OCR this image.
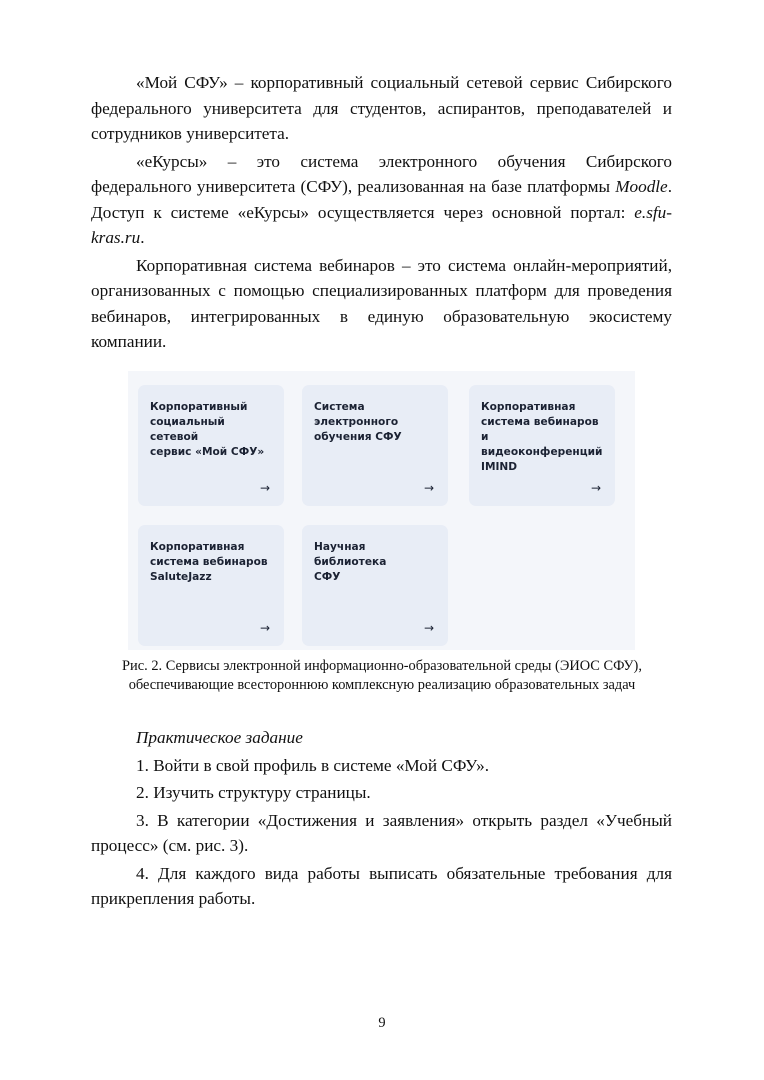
«Мой СФУ» – корпоративный социальный сетевой сервис Сибирского федерального университета для студентов, аспирантов, преподавателей и сотрудников университета.

«еКурсы» – это система электронного обучения Сибирского федерального университета (СФУ), реализованная на базе платформы Moodle. Доступ к системе «еКурсы» осуществляется через основной портал: e.sfu-kras.ru.

Корпоративная система вебинаров – это система онлайн-мероприятий, организованных с помощью специализированных платформ для проведения вебинаров, интегрированных в единую образовательную экосистему компании.

Корпоративный
социальный сетевой
сервис «Мой СФУ»
→
Система
электронного
обучения СФУ
→
Корпоративная
система вебинаров и
видеоконференций
IMIND
→
Корпоративная
система вебинаров
SaluteJazz
→
Научная библиотека
СФУ
→
Рис. 2. Сервисы электронной информационно-образовательной среды (ЭИОС СФУ),
обеспечивающие всестороннюю комплексную реализацию образовательных задач

Практическое задание

1. Войти в свой профиль в системе «Мой СФУ».

2. Изучить структуру страницы.

3. В категории «Достижения и заявления» открыть раздел «Учебный процесс» (см. рис. 3).

4. Для каждого вида работы выписать обязательные требования для прикрепления работы.

9
